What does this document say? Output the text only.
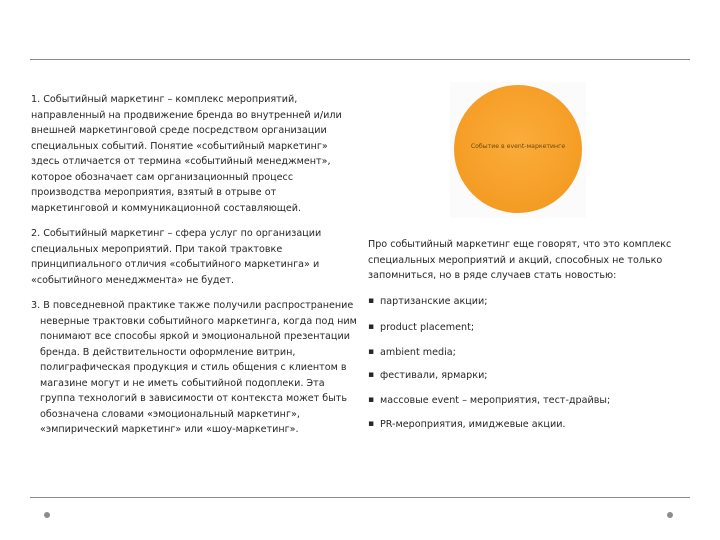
1. Событийный маркетинг – комплекс мероприятий, направленный на продвижение бренда во внутренней и/или внешней маркетинговой среде посредством организации специальных событий. Понятие «событийный маркетинг» здесь отличается от термина «событийный менеджмент», которое обозначает сам организационный процесс производства мероприятия, взятый в отрыве от маркетинговой и коммуникационной составляющей.

2. Событийный маркетинг – сфера услуг по организации специальных мероприятий. При такой трактовке принципиального отличия «событийного маркетинга» и «событийного менеджмента» не будет.

3. В повседневной практике также получили распространение
неверные трактовки событийного маркетинга, когда под ним понимают все способы яркой и эмоциональной презентации бренда. В действительности оформление витрин, полиграфическая продукция и стиль общения с клиентом в магазине могут и не иметь событийной подоплеки. Эта группа технологий в зависимости от контекста может быть обозначена словами «эмоциональный маркетинг», «эмпирический маркетинг» или «шоу-маркетинг».

Событие в event-маркетинге

Про событийный маркетинг еще говорят, что это комплекс специальных мероприятий и акций, способных не только запомниться, но в ряде случаев стать новостью:

▪ партизанские акции;
▪ product placement;
▪ ambient media;
▪ фестивали, ярмарки;
▪ массовые event – мероприятия, тест-драйвы;
▪ PR-мероприятия, имиджевые акции.
